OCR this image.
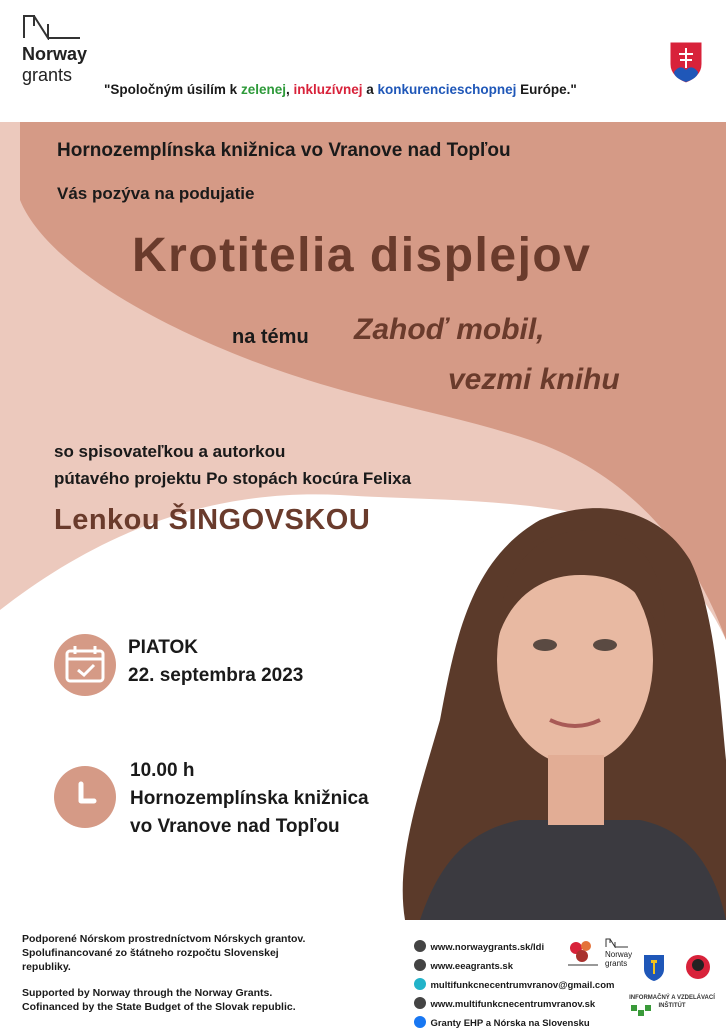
Norway
grants
"Spoločným úsilím k zelenej, inkluzívnej a konkurencieschopnej Európe."
Hornozemplínska knižnica vo Vranove nad Topľou
Vás pozýva na podujatie
Krotitelia displejov
na tému Zahoď mobil,
vezmi knihu
so spisovateľkou a autorkou
pútavého projektu Po stopách kocúra Felixa
Lenkou ŠINGOVSKOU
PIATOK
22. septembra 2023
10.00 h
Hornozemplínska knižnica
vo Vranove nad Topľou
Podporené Nórskom prostredníctvom Nórskych grantov.
Spolufinancované zo štátneho rozpočtu Slovenskej
republiky.
Supported by Norway through the Norway Grants.
Cofinanced by the State Budget of the Slovak republic.
www.norwaygrants.sk/ldi
www.eeagrants.sk
multifunkcnecentrumvranov@gmail.com
www.multifunkcnecentrumvranov.sk
Granty EHP a Nórska na Slovensku
Norway grants
INFORMAČNÝ A VZDELÁVACÍ INŠTITÚT
